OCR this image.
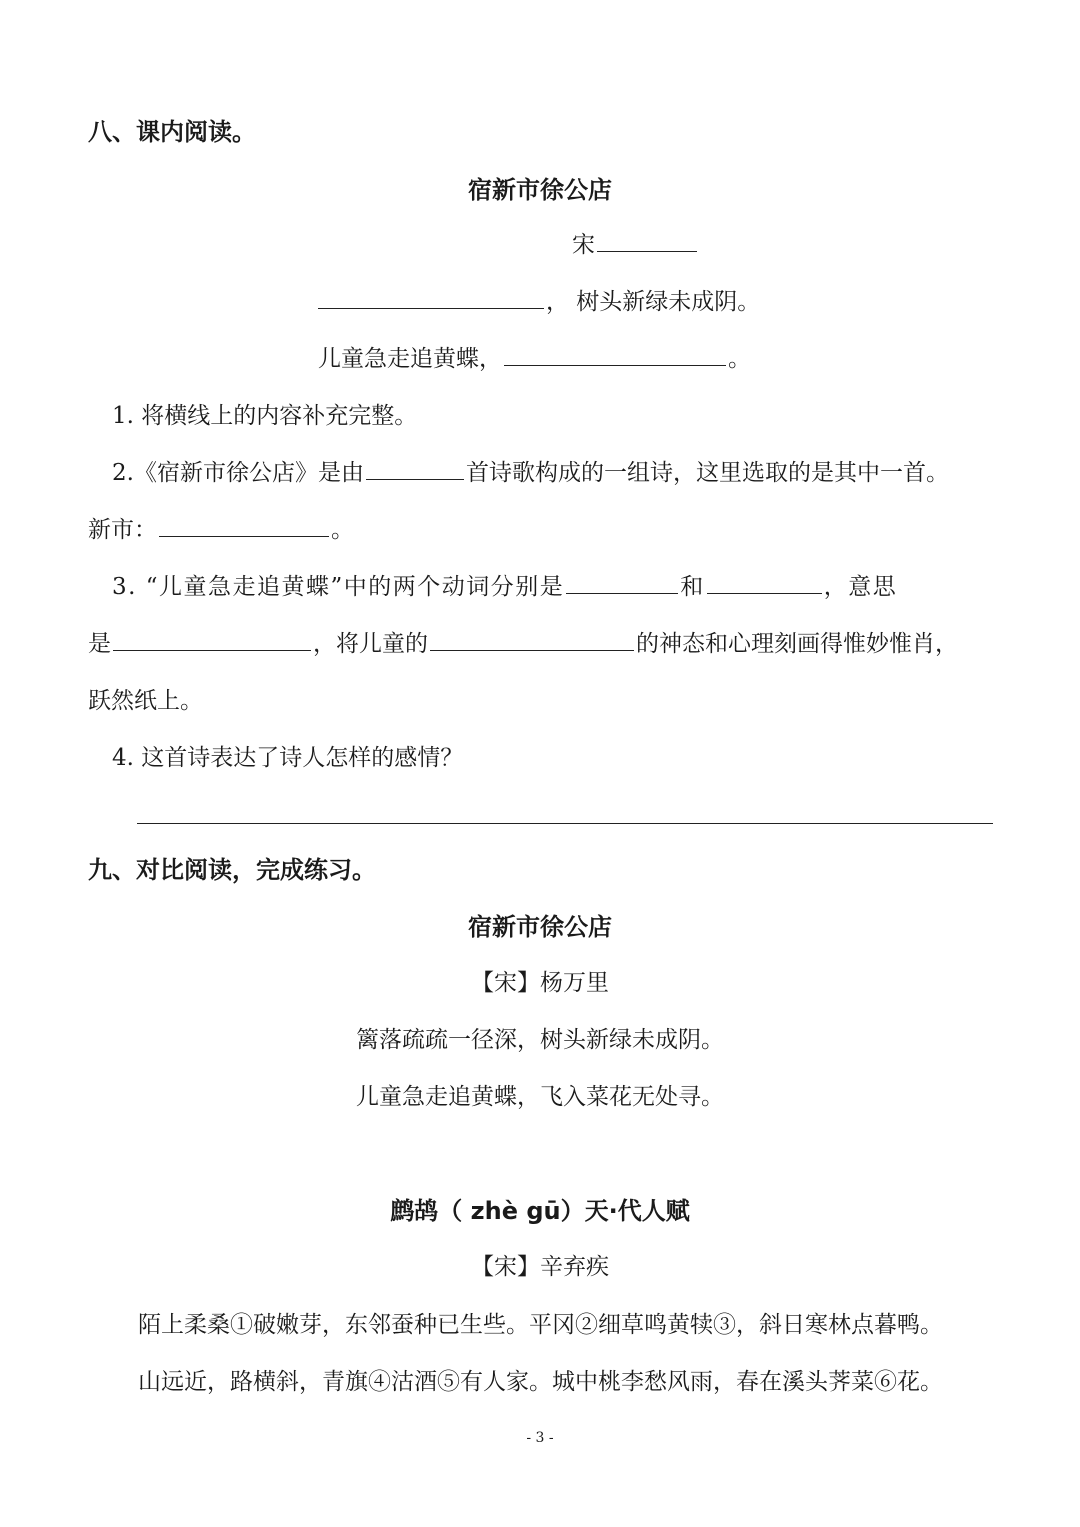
八、课内阅读。
宿新市徐公店
宋
， 树头新绿未成阴。
儿童急走追黄蝶，	。
1. 将横线上的内容补充完整。
2.《宿新市徐公店》是由	首诗歌构成的一组诗，这里选取的是其中一首。
新市：	。
3. “儿童急走追黄蝶”中的两个动词分别是	和	，意思
是	，将儿童的	的神态和心理刻画得惟妙惟肖，
跃然纸上。
4. 这首诗表达了诗人怎样的感情？
九、对比阅读，完成练习。
宿新市徐公店
【宋】杨万里
篱落疏疏一径深，树头新绿未成阴。
儿童急走追黄蝶，飞入菜花无处寻。
鹧鸪（ zhè gū）天·代人赋
【宋】辛弃疾
陌上柔桑①破嫩芽，东邻蚕种已生些。平冈②细草鸣黄犊③，斜日寒林点暮鸭。
山远近，路横斜，青旗④沽酒⑤有人家。城中桃李愁风雨，春在溪头荠菜⑥花。
- 3 -
